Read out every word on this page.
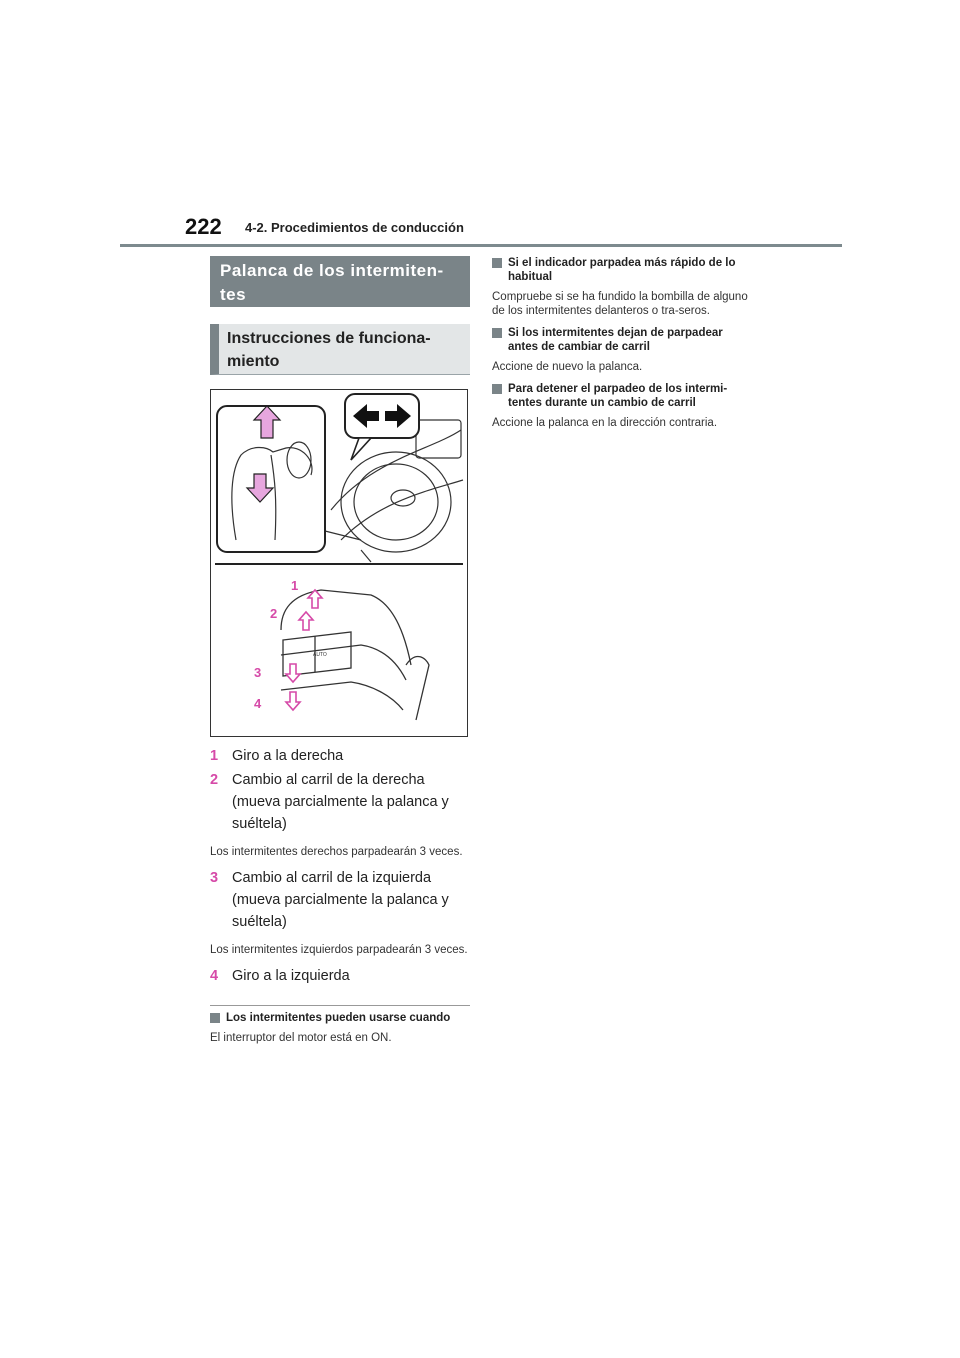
222 4-2. Procedimientos de conducción
Palanca de los intermiten-tes
Instrucciones de funciona-miento
AUTO
1
2
3
4
1 Giro a la derecha
2 Cambio al carril de la derecha (mueva parcialmente la palanca y suéltela)
Los intermitentes derechos parpadearán 3 veces.
3 Cambio al carril de la izquierda (mueva parcialmente la palanca y suéltela)
Los intermitentes izquierdos parpadearán 3 veces.
4 Giro a la izquierda
Los intermitentes pueden usarse cuando
El interruptor del motor está en ON.
Si el indicador parpadea más rápido de lo habitual
Compruebe si se ha fundido la bombilla de alguno de los intermitentes delanteros o tra-seros.
Si los intermitentes dejan de parpadear antes de cambiar de carril
Accione de nuevo la palanca.
Para detener el parpadeo de los intermi-tentes durante un cambio de carril
Accione la palanca en la dirección contraria.
